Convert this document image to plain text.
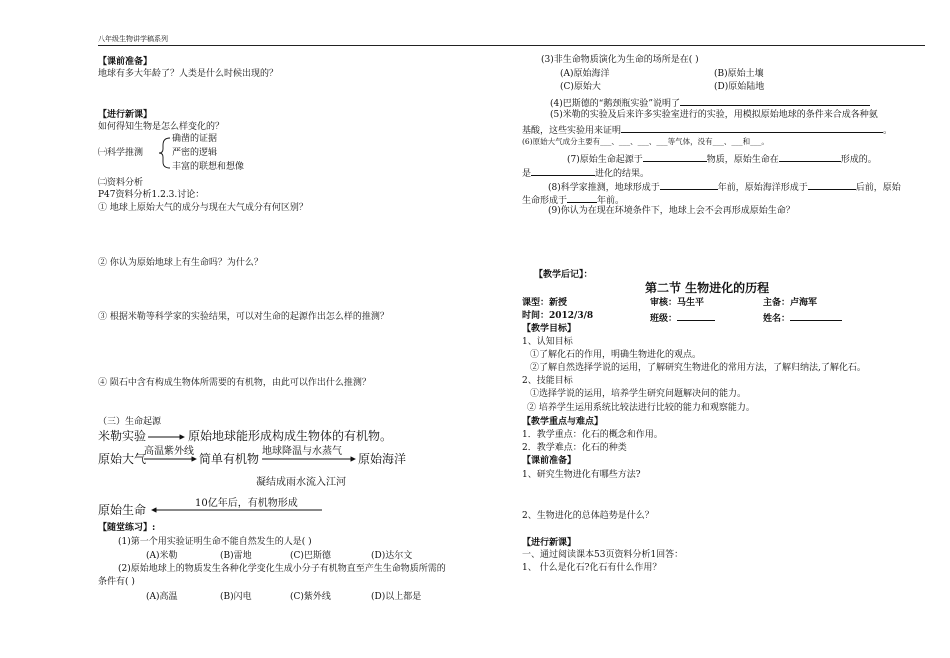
八年级生物讲学稿系列
【课前准备】
地球有多大年龄了？人类是什么时候出现的？
【进行新课】
如何得知生物是怎么样变化的？
㈠科学推测
确凿的证据
严密的逻辑
丰富的联想和想像
㈡资料分析
P47资料分析1.2.3.讨论：
① 地球上原始大气的成分与现在大气成分有何区别？
② 你认为原始地球上有生命吗？为什么？
③ 根据米勒等科学家的实验结果，可以对生命的起源作出怎么样的推测？
④ 陨石中含有构成生物体所需要的有机物，由此可以作出什么推测？
（三）生命起源
米勒实验	原始地球能形成构成生物体的有机物。
原始大气
高温紫外线
简单有机物
地球降温与水蒸气
原始海洋
凝结成雨水流入江河
原始生命	10亿年后，有机物形成
【随堂练习】:
(1)第一个用实验证明生命不能自然发生的人是( )
(A)米勒	(B)雷地	(C)巴斯德	(D)达尔文
(2)原始地球上的物质发生各种化学变化生成小分子有机物直至产生生命物质所需的
条件有( )
(A)高温	(B)闪电	(C)紫外线	(D)以上都是
(3)非生命物质演化为生命的场所是在( )
(A)原始海洋	(B)原始土壤
(C)原始大	(D)原始陆地
(4)巴斯德的“鹅颈瓶实验”说明了
(5)米勒的实验及后来许多实验室进行的实验，用模拟原始地球的条件来合成各种氨
基酸，这些实验用来证明	。
(6)原始大气成分主要有___、___、___、___等气体，没有___、___和___。
(7)原始生命起源于	物质，原始生命在	形成的。
是	进化的结果。
(8)科学家推测，地球形成于	年前，原始海洋形成于	后前，原始
生命形成于	年前。
(9)你认为在现在环境条件下，地球上会不会再形成原始生命？
【教学后记】：
第二节 生物进化的历程
课型：新授	审核：马生平	主备：卢海军
时间：2012/3/8	班级：	姓名：
【教学目标】
1、认知目标
①了解化石的作用，明确生物进化的观点。
②了解自然选择学说的运用，了解研究生物进化的常用方法，了解归纳法,了解化石。
2、技能目标
①选择学说的运用，培养学生研究问题解决问的能力。
② 培养学生运用系统比较法进行比较的能力和观察能力。
【教学重点与难点】
1．教学重点：化石的概念和作用。
2．教学难点：化石的种类
【课前准备】
1、研究生物进化有哪些方法?
2、生物进化的总体趋势是什么？
【进行新课】
一、通过阅读课本53页资料分析1回答：
1、 什么是化石?化石有什么作用？
